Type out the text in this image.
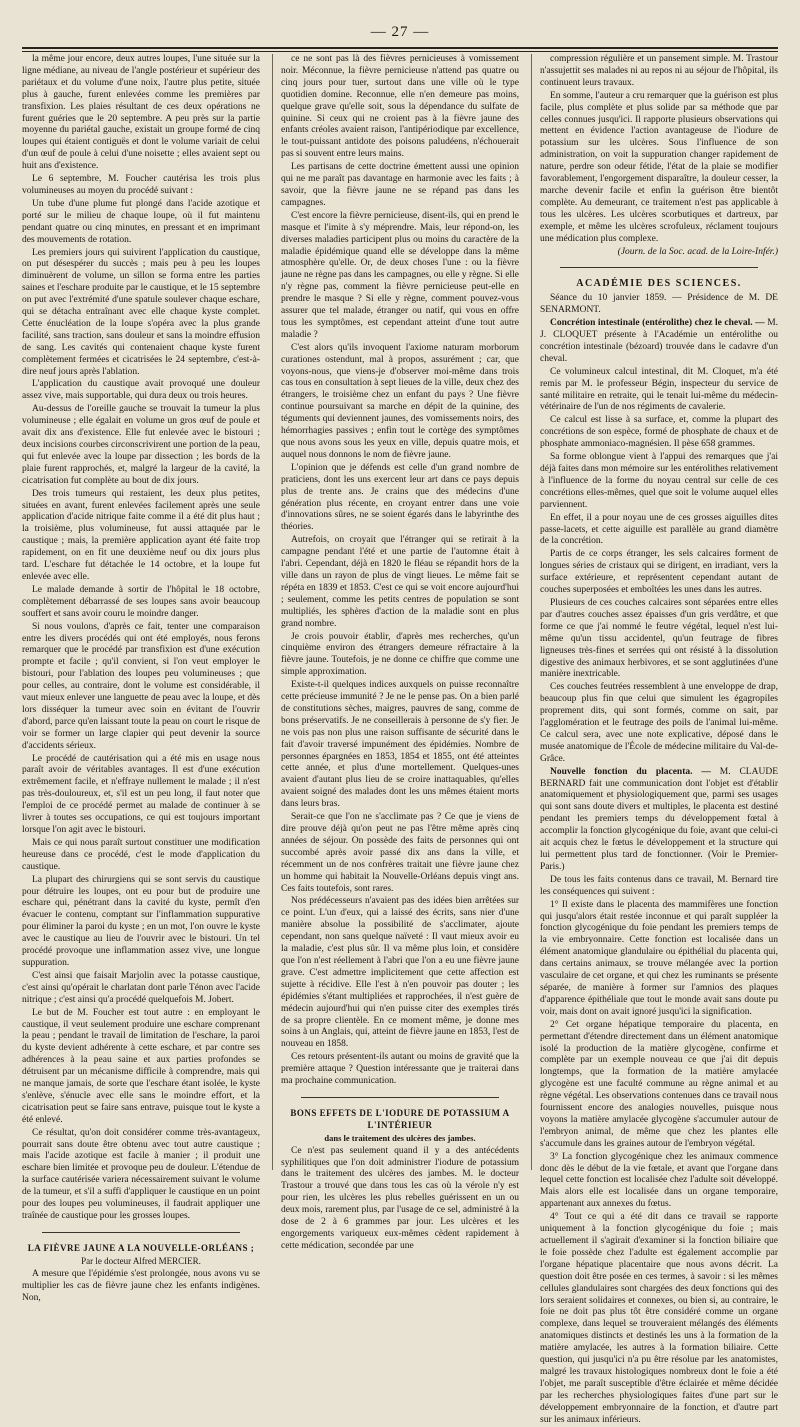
— 27 —

la même jour encore, deux autres loupes, l'une située sur la ligne médiane, au niveau de l'angle postérieur et supérieur des pariétaux et du volume d'une noix, l'autre plus petite, située plus à gauche, furent enlevées comme les premières par transfixion. Les plaies résultant de ces deux opérations ne furent guéries que le 20 septembre. A peu près sur la partie moyenne du pariétal gauche, existait un groupe formé de cinq loupes qui étaient contiguës et dont le volume variait de celui d'un œuf de poule à celui d'une noisette ; elles avaient sept ou huit ans d'existence.

Le 6 septembre, M. Foucher cautérisa les trois plus volumineuses au moyen du procédé suivant :

Un tube d'une plume fut plongé dans l'acide azotique et porté sur le milieu de chaque loupe, où il fut maintenu pendant quatre ou cinq minutes, en pressant et en imprimant des mouvements de rotation.

Les premiers jours qui suivirent l'application du caustique, on put désespérer du succès ; mais peu à peu les loupes diminuèrent de volume, un sillon se forma entre les parties saines et l'eschare produite par le caustique, et le 15 septembre on put avec l'extrémité d'une spatule soulever chaque eschare, qui se détacha entraînant avec elle chaque kyste complet. Cette énucléation de la loupe s'opéra avec la plus grande facilité, sans traction, sans douleur et sans la moindre effusion de sang. Les cavités qui contenaient chaque kyste furent complètement fermées et cicatrisées le 24 septembre, c'est-à-dire neuf jours après l'ablation.

L'application du caustique avait provoqué une douleur assez vive, mais supportable, qui dura deux ou trois heures.

Au-dessus de l'oreille gauche se trouvait la tumeur la plus volumineuse ; elle égalait en volume un gros œuf de poule et avait dix ans d'existence. Elle fut enlevée avec le bistouri ; deux incisions courbes circonscrivirent une portion de la peau, qui fut enlevée avec la loupe par dissection ; les bords de la plaie furent rapprochés, et, malgré la largeur de la cavité, la cicatrisation fut complète au bout de dix jours.

Des trois tumeurs qui restaient, les deux plus petites, situées en avant, furent enlevées facilement après une seule application d'acide nitrique faite comme il a été dit plus haut ; la troisième, plus volumineuse, fut aussi attaquée par le caustique ; mais, la première application ayant été faite trop rapidement, on en fit une deuxième neuf ou dix jours plus tard. L'eschare fut détachée le 14 octobre, et la loupe fut enlevée avec elle.

Le malade demande à sortir de l'hôpital le 18 octobre, complètement débarrassé de ses loupes sans avoir beaucoup souffert et sans avoir couru le moindre danger.

Si nous voulons, d'après ce fait, tenter une comparaison entre les divers procédés qui ont été employés, nous ferons remarquer que le procédé par transfixion est d'une exécution prompte et facile ; qu'il convient, si l'on veut employer le bistouri, pour l'ablation des loupes peu volumineuses ; que pour celles, au contraire, dont le volume est considérable, il vaut mieux enlever une languette de peau avec la loupe, et dès lors disséquer la tumeur avec soin en évitant de l'ouvrir d'abord, parce qu'en laissant toute la peau on court le risque de voir se former un large clapier qui peut devenir la source d'accidents sérieux.

Le procédé de cautérisation qui a été mis en usage nous paraît avoir de véritables avantages. Il est d'une exécution extrêmement facile, et n'effraye nullement le malade ; il n'est pas très-douloureux, et, s'il est un peu long, il faut noter que l'emploi de ce procédé permet au malade de continuer à se livrer à toutes ses occupations, ce qui est toujours important lorsque l'on agit avec le bistouri.

Mais ce qui nous paraît surtout constituer une modification heureuse dans ce procédé, c'est le mode d'application du caustique.

La plupart des chirurgiens qui se sont servis du caustique pour détruire les loupes, ont eu pour but de produire une eschare qui, pénétrant dans la cavité du kyste, permît d'en évacuer le contenu, comptant sur l'inflammation suppurative pour éliminer la paroi du kyste ; en un mot, l'on ouvre le kyste avec le caustique au lieu de l'ouvrir avec le bistouri. Un tel procédé provoque une inflammation assez vive, une longue suppuration.

C'est ainsi que faisait Marjolin avec la potasse caustique, c'est ainsi qu'opérait le charlatan dont parle Ténon avec l'acide nitrique ; c'est ainsi qu'a procédé quelquefois M. Jobert.

Le but de M. Foucher est tout autre : en employant le caustique, il veut seulement produire une eschare comprenant la peau ; pendant le travail de limitation de l'eschare, la paroi du kyste devient adhérente à cette eschare, et par contre ses adhérences à la peau saine et aux parties profondes se détruisent par un mécanisme difficile à comprendre, mais qui ne manque jamais, de sorte que l'eschare étant isolée, le kyste s'enlève, s'énucle avec elle sans le moindre effort, et la cicatrisation peut se faire sans entrave, puisque tout le kyste a été enlevé.

Ce résultat, qu'on doit considérer comme très-avantageux, pourrait sans doute être obtenu avec tout autre caustique ; mais l'acide azotique est facile à manier ; il produit une eschare bien limitée et provoque peu de douleur. L'étendue de la surface cautérisée variera nécessairement suivant le volume de la tumeur, et s'il a suffi d'appliquer le caustique en un point pour des loupes peu volumineuses, il faudrait appliquer une traînée de caustique pour les grosses loupes.

LA FIÈVRE JAUNE A LA NOUVELLE-ORLÉANS ;

Par le docteur Alfred MERCIER.

A mesure que l'épidémie s'est prolongée, nous avons vu se multiplier les cas de fièvre jaune chez les enfants indigènes. Non,

ce ne sont pas là des fièvres pernicieuses à vomissement noir. Méconnue, la fièvre pernicieuse n'attend pas quatre ou cinq jours pour tuer, surtout dans une ville où le type quotidien domine. Reconnue, elle n'en demeure pas moins, quelque grave qu'elle soit, sous la dépendance du sulfate de quinine. Si ceux qui ne croient pas à la fièvre jaune des enfants créoles avaient raison, l'antipériodique par excellence, le tout-puissant antidote des poisons paludéens, n'échouerait pas si souvent entre leurs mains.

Les partisans de cette doctrine émettent aussi une opinion qui ne me paraît pas davantage en harmonie avec les faits ; à savoir, que la fièvre jaune ne se répand pas dans les campagnes.

C'est encore la fièvre pernicieuse, disent-ils, qui en prend le masque et l'imite à s'y méprendre. Mais, leur répond-on, les diverses maladies participent plus ou moins du caractère de la maladie épidémique quand elle se développe dans la même atmosphère qu'elle. Or, de deux choses l'une : ou la fièvre jaune ne règne pas dans les campagnes, ou elle y règne. Si elle n'y règne pas, comment la fièvre pernicieuse peut-elle en prendre le masque ? Si elle y règne, comment pouvez-vous assurer que tel malade, étranger ou natif, qui vous en offre tous les symptômes, est cependant atteint d'une tout autre maladie ?

C'est alors qu'ils invoquent l'axiome naturam morborum curationes ostendunt, mal à propos, assurément ; car, que voyons-nous, que viens-je d'observer moi-même dans trois cas tous en consultation à sept lieues de la ville, deux chez des étrangers, le troisième chez un enfant du pays ? Une fièvre continue poursuivant sa marche en dépit de la quinine, des téguments qui deviennent jaunes, des vomissements noirs, des hémorrhagies passives ; enfin tout le cortège des symptômes que nous avons sous les yeux en ville, depuis quatre mois, et auquel nous donnons le nom de fièvre jaune.

L'opinion que je défends est celle d'un grand nombre de praticiens, dont les uns exercent leur art dans ce pays depuis plus de trente ans. Je crains que des médecins d'une génération plus récente, en croyant entrer dans une voie d'innovations sûres, ne se soient égarés dans le labyrinthe des théories.

Autrefois, on croyait que l'étranger qui se retirait à la campagne pendant l'été et une partie de l'automne était à l'abri. Cependant, déjà en 1820 le fléau se répandit hors de la ville dans un rayon de plus de vingt lieues. Le même fait se répéta en 1839 et 1853. C'est ce qui se voit encore aujourd'hui ; seulement, comme les petits centres de population se sont multipliés, les sphères d'action de la maladie sont en plus grand nombre.

Je crois pouvoir établir, d'après mes recherches, qu'un cinquième environ des étrangers demeure réfractaire à la fièvre jaune. Toutefois, je ne donne ce chiffre que comme une simple approximation.

Existe-t-il quelques indices auxquels on puisse reconnaître cette précieuse immunité ? Je ne le pense pas. On a bien parlé de constitutions sèches, maigres, pauvres de sang, comme de bons préservatifs. Je ne conseillerais à personne de s'y fier. Je ne vois pas non plus une raison suffisante de sécurité dans le fait d'avoir traversé impunément des épidémies. Nombre de personnes épargnées en 1853, 1854 et 1855, ont été atteintes cette année, et plus d'une mortellement. Quelques-unes avaient d'autant plus lieu de se croire inattaquables, qu'elles avaient soigné des malades dont les uns mêmes étaient morts dans leurs bras.

Serait-ce que l'on ne s'acclimate pas ? Ce que je viens de dire prouve déjà qu'on peut ne pas l'être même après cinq années de séjour. On possède des faits de personnes qui ont succombé après avoir passé dix ans dans la ville, et récemment un de nos confrères traitait une fièvre jaune chez un homme qui habitait la Nouvelle-Orléans depuis vingt ans. Ces faits toutefois, sont rares.

Nos prédécesseurs n'avaient pas des idées bien arrêtées sur ce point. L'un d'eux, qui a laissé des écrits, sans nier d'une manière absolue la possibilité de s'acclimater, ajoute cependant, non sans quelque naïveté : Il vaut mieux avoir eu la maladie, c'est plus sûr. Il va même plus loin, et considère que l'on n'est réellement à l'abri que l'on a eu une fièvre jaune grave. C'est admettre implicitement que cette affection est sujette à récidive. Elle l'est à n'en pouvoir pas douter ; les épidémies s'étant multipliées et rapprochées, il n'est guère de médecin aujourd'hui qui n'en puisse citer des exemples tirés de sa propre clientèle. En ce moment même, je donne mes soins à un Anglais, qui, atteint de fièvre jaune en 1853, l'est de nouveau en 1858.

Ces retours présentent-ils autant ou moins de gravité que la première attaque ? Question intéressante que je traiterai dans ma prochaine communication.

BONS EFFETS DE L'IODURE DE POTASSIUM A L'INTÉRIEUR

dans le traitement des ulcères des jambes.

Ce n'est pas seulement quand il y a des antécédents syphilitiques que l'on doit administrer l'iodure de potassium dans le traitement des ulcères des jambes. M. le docteur Trastour a trouvé que dans tous les cas où la vérole n'y est pour rien, les ulcères les plus rebelles guérissent en un ou deux mois, rarement plus, par l'usage de ce sel, administré à la dose de 2 à 6 grammes par jour. Les ulcères et les engorgements variqueux eux-mêmes cèdent rapidement à cette médication, secondée par une

compression régulière et un pansement simple. M. Trastour n'assujettit ses malades ni au repos ni au séjour de l'hôpital, ils continuent leurs travaux.

En somme, l'auteur a cru remarquer que la guérison est plus facile, plus complète et plus solide par sa méthode que par celles connues jusqu'ici. Il rapporte plusieurs observations qui mettent en évidence l'action avantageuse de l'iodure de potassium sur les ulcères. Sous l'influence de son administration, on voit la suppuration changer rapidement de nature, perdre son odeur fétide, l'état de la plaie se modifier favorablement, l'engorgement disparaître, la douleur cesser, la marche devenir facile et enfin la guérison être bientôt complète. Au demeurant, ce traitement n'est pas applicable à tous les ulcères. Les ulcères scorbutiques et dartreux, par exemple, et même les ulcères scrofuleux, réclament toujours une médication plus complexe.

(Journ. de la Soc. acad. de la Loire-Infér.)

ACADÉMIE DES SCIENCES.

Séance du 10 janvier 1859. — Présidence de M. DE SENARMONT.

Concrétion intestinale (entérolithe) chez le cheval. — M. J. CLOQUET présente à l'Académie un entérolithe ou concrétion intestinale (bézoard) trouvée dans le cadavre d'un cheval.

Ce volumineux calcul intestinal, dit M. Cloquet, m'a été remis par M. le professeur Bégin, inspecteur du service de santé militaire en retraite, qui le tenait lui-même du médecin-vétérinaire de l'un de nos régiments de cavalerie.

Ce calcul est lisse à sa surface, et, comme la plupart des concrétions de son espèce, formé de phosphate de chaux et de phosphate ammoniaco-magnésien. Il pèse 658 grammes.

Sa forme oblongue vient à l'appui des remarques que j'ai déjà faites dans mon mémoire sur les entérolithes relativement à l'influence de la forme du noyau central sur celle de ces concrétions elles-mêmes, quel que soit le volume auquel elles parviennent.

En effet, il a pour noyau une de ces grosses aiguilles dites passe-lacets, et cette aiguille est parallèle au grand diamètre de la concrétion.

Partis de ce corps étranger, les sels calcaires forment de longues séries de cristaux qui se dirigent, en irradiant, vers la surface extérieure, et représentent cependant autant de couches superposées et emboîtées les unes dans les autres.

Plusieurs de ces couches calcaires sont séparées entre elles par d'autres couches assez épaisses d'un gris verdâtre, et que forme ce que j'ai nommé le feutre végétal, lequel n'est lui-même qu'un tissu accidentel, qu'un feutrage de fibres ligneuses très-fines et serrées qui ont résisté à la dissolution digestive des animaux herbivores, et se sont agglutinées d'une manière inextricable.

Ces couches feutrées ressemblent à une enveloppe de drap, beaucoup plus fin que celui que simulent les égagropiles proprement dits, qui sont formés, comme on sait, par l'agglomération et le feutrage des poils de l'animal lui-même. Ce calcul sera, avec une note explicative, déposé dans le musée anatomique de l'École de médecine militaire du Val-de-Grâce.

Nouvelle fonction du placenta. — M. CLAUDE BERNARD fait une communication dont l'objet est d'établir anatomiquement et physiologiquement que, parmi ses usages qui sont sans doute divers et multiples, le placenta est destiné pendant les premiers temps du développement fœtal à accomplir la fonction glycogénique du foie, avant que celui-ci ait acquis chez le fœtus le développement et la structure qui lui permettent plus tard de fonctionner. (Voir le Premier-Paris.)

De tous les faits contenus dans ce travail, M. Bernard tire les conséquences qui suivent :

1° Il existe dans le placenta des mammifères une fonction qui jusqu'alors était restée inconnue et qui paraît suppléer la fonction glycogénique du foie pendant les premiers temps de la vie embryonnaire. Cette fonction est localisée dans un élément anatomique glandulaire ou épithélial du placenta qui, dans certains animaux, se trouve mélangée avec la portion vasculaire de cet organe, et qui chez les ruminants se présente séparée, de manière à former sur l'amnios des plaques d'apparence épithéliale que tout le monde avait sans doute pu voir, mais dont on avait ignoré jusqu'ici la signification.

2° Cet organe hépatique temporaire du placenta, en permettant d'étendre directement dans un élément anatomique isolé la production de la matière glycogène, confirme et complète par un exemple nouveau ce que j'ai dit depuis longtemps, que la formation de la matière amylacée glycogène est une faculté commune au règne animal et au règne végétal. Les observations contenues dans ce travail nous fournissent encore des analogies nouvelles, puisque nous voyons la matière amylacée glycogène s'accumuler autour de l'embryon animal, de même que chez les plantes elle s'accumule dans les graines autour de l'embryon végétal.

3° La fonction glycogénique chez les animaux commence donc dès le début de la vie fœtale, et avant que l'organe dans lequel cette fonction est localisée chez l'adulte soit développé. Mais alors elle est localisée dans un organe temporaire, appartenant aux annexes du fœtus.

4° Tout ce qui a été dit dans ce travail se rapporte uniquement à la fonction glycogénique du foie ; mais actuellement il s'agirait d'examiner si la fonction biliaire que le foie possède chez l'adulte est également accomplie par l'organe hépatique placentaire que nous avons décrit. La question doit être posée en ces termes, à savoir : si les mêmes cellules glandulaires sont chargées des deux fonctions qui des lors seraient solidaires et connexes, ou bien si, au contraire, le foie ne doit pas plus tôt être considéré comme un organe complexe, dans lequel se trouveraient mélangés des éléments anatomiques distincts et destinés les uns à la formation de la matière amylacée, les autres à la formation biliaire. Cette question, qui jusqu'ici n'a pu être résolue par les anatomistes, malgré les travaux histologiques nombreux dont le foie a été l'objet, me paraît susceptible d'être éclairée et même décidée par les recherches physiologiques faites d'une part sur le développement embryonnaire de la fonction, et d'autre part sur les animaux inférieurs.
